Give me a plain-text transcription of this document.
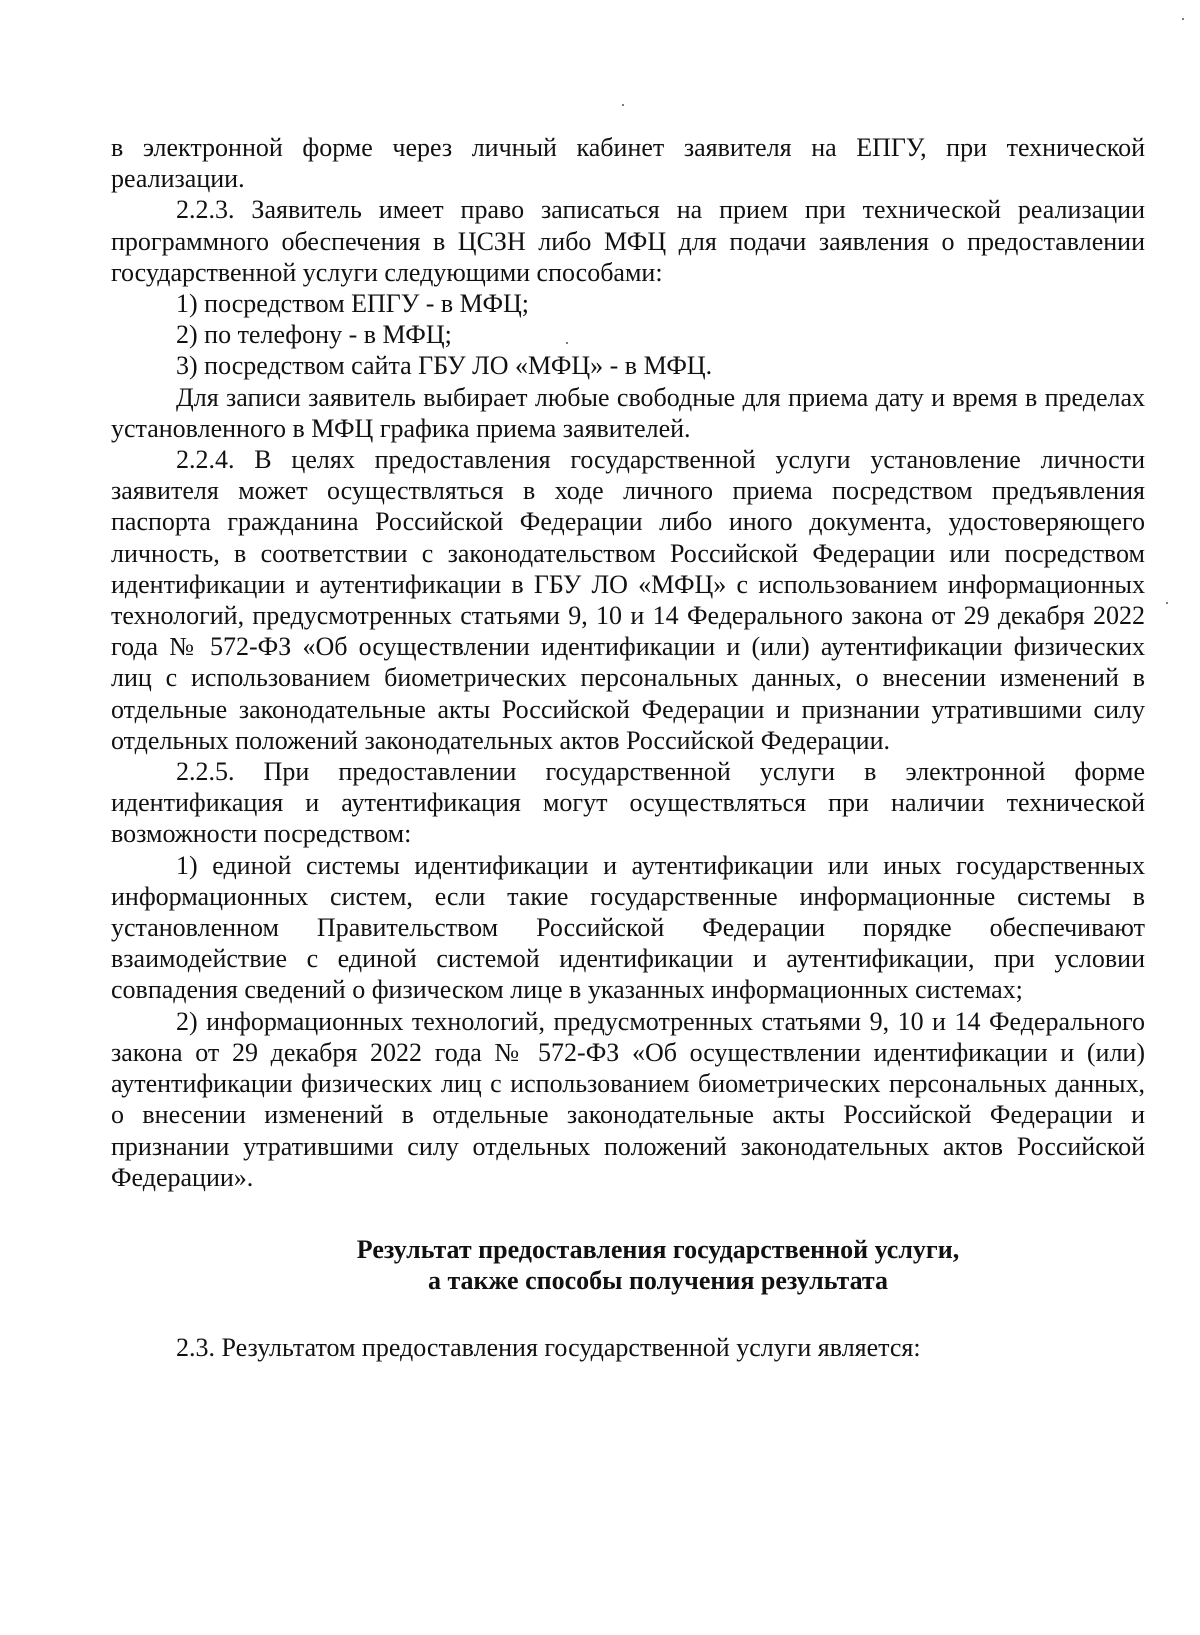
в электронной форме через личный кабинет заявителя на ЕПГУ, при технической реализации.

2.2.3. Заявитель имеет право записаться на прием при технической реализации программного обеспечения в ЦСЗН либо МФЦ для подачи заявления о предоставлении государственной услуги следующими способами:

1) посредством ЕПГУ - в МФЦ;

2) по телефону - в МФЦ;

3) посредством сайта ГБУ ЛО «МФЦ» - в МФЦ.

Для записи заявитель выбирает любые свободные для приема дату и время в пределах установленного в МФЦ графика приема заявителей.

2.2.4. В целях предоставления государственной услуги установление личности заявителя может осуществляться в ходе личного приема посредством предъявления паспорта гражданина Российской Федерации либо иного документа, удостоверяющего личность, в соответствии с законодательством Российской Федерации или посредством идентификации и аутентификации в ГБУ ЛО «МФЦ» с использованием информационных технологий, предусмотренных статьями 9, 10 и 14 Федерального закона от 29 декабря 2022 года № 572-ФЗ «Об осуществлении идентификации и (или) аутентификации физических лиц с использованием биометрических персональных данных, о внесении изменений в отдельные законодательные акты Российской Федерации и признании утратившими силу отдельных положений законодательных актов Российской Федерации.

2.2.5. При предоставлении государственной услуги в электронной форме идентификация и аутентификация могут осуществляться при наличии технической возможности посредством:

1) единой системы идентификации и аутентификации или иных государственных информационных систем, если такие государственные информационные системы в установленном Правительством Российской Федерации порядке обеспечивают взаимодействие с единой системой идентификации и аутентификации, при условии совпадения сведений о физическом лице в указанных информационных системах;

2) информационных технологий, предусмотренных статьями 9, 10 и 14 Федерального закона от 29 декабря 2022 года № 572-ФЗ «Об осуществлении идентификации и (или) аутентификации физических лиц с использованием биометрических персональных данных, о внесении изменений в отдельные законодательные акты Российской Федерации и признании утратившими силу отдельных положений законодательных актов Российской Федерации».

Результат предоставления государственной услуги,
а также способы получения результата

2.3. Результатом предоставления государственной услуги является:
